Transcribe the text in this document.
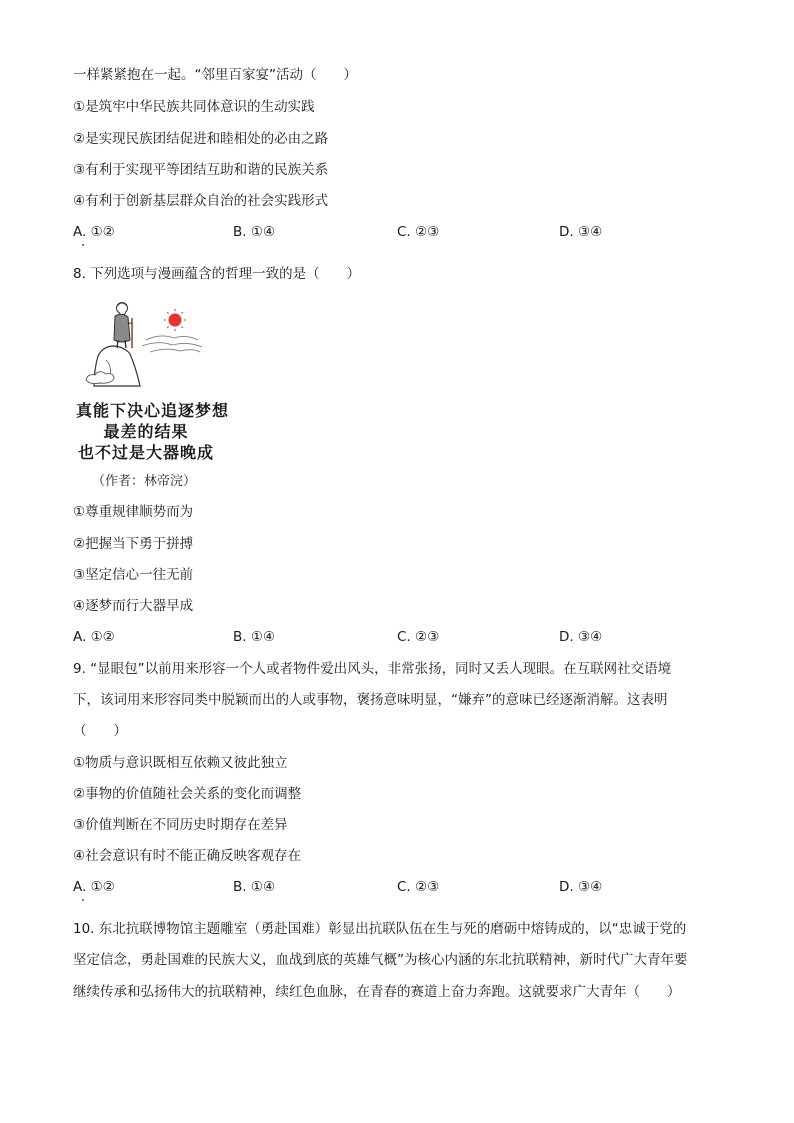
一样紧紧抱在一起。“邻里百家宴”活动（　　）
①是筑牢中华民族共同体意识的生动实践
②是实现民族团结促进和睦相处的必由之路
③有利于实现平等团结互助和谐的民族关系
④有利于创新基层群众自治的社会实践形式
A. ①②	B. ①④	C. ②③	D. ③④
8. 下列选项与漫画蕴含的哲理一致的是（　　）
真能下决心追逐梦想
最差的结果
也不过是大器晚成
（作者：林帝浣）
①尊重规律顺势而为
②把握当下勇于拼搏
③坚定信心一往无前
④逐梦而行大器早成
A. ①②	B. ①④	C. ②③	D. ③④
9. “显眼包”以前用来形容一个人或者物件爱出风头，非常张扬，同时又丢人现眼。在互联网社交语境
下，该词用来形容同类中脱颖而出的人或事物，褒扬意味明显，“嫌弃”的意味已经逐渐消解。这表明
（　　）
①物质与意识既相互依赖又彼此独立
②事物的价值随社会关系的变化而调整
③价值判断在不同历史时期存在差异
④社会意识有时不能正确反映客观存在
A. ①②	B. ①④	C. ②③	D. ③④
10. 东北抗联博物馆主题雕室（勇赴国难）彰显出抗联队伍在生与死的磨砺中熔铸成的，以“忠诚于党的
坚定信念，勇赴国难的民族大义，血战到底的英雄气概”为核心内涵的东北抗联精神，新时代广大青年要
继续传承和弘扬伟大的抗联精神，续红色血脉，在青春的赛道上奋力奔跑。这就要求广大青年（　　）
